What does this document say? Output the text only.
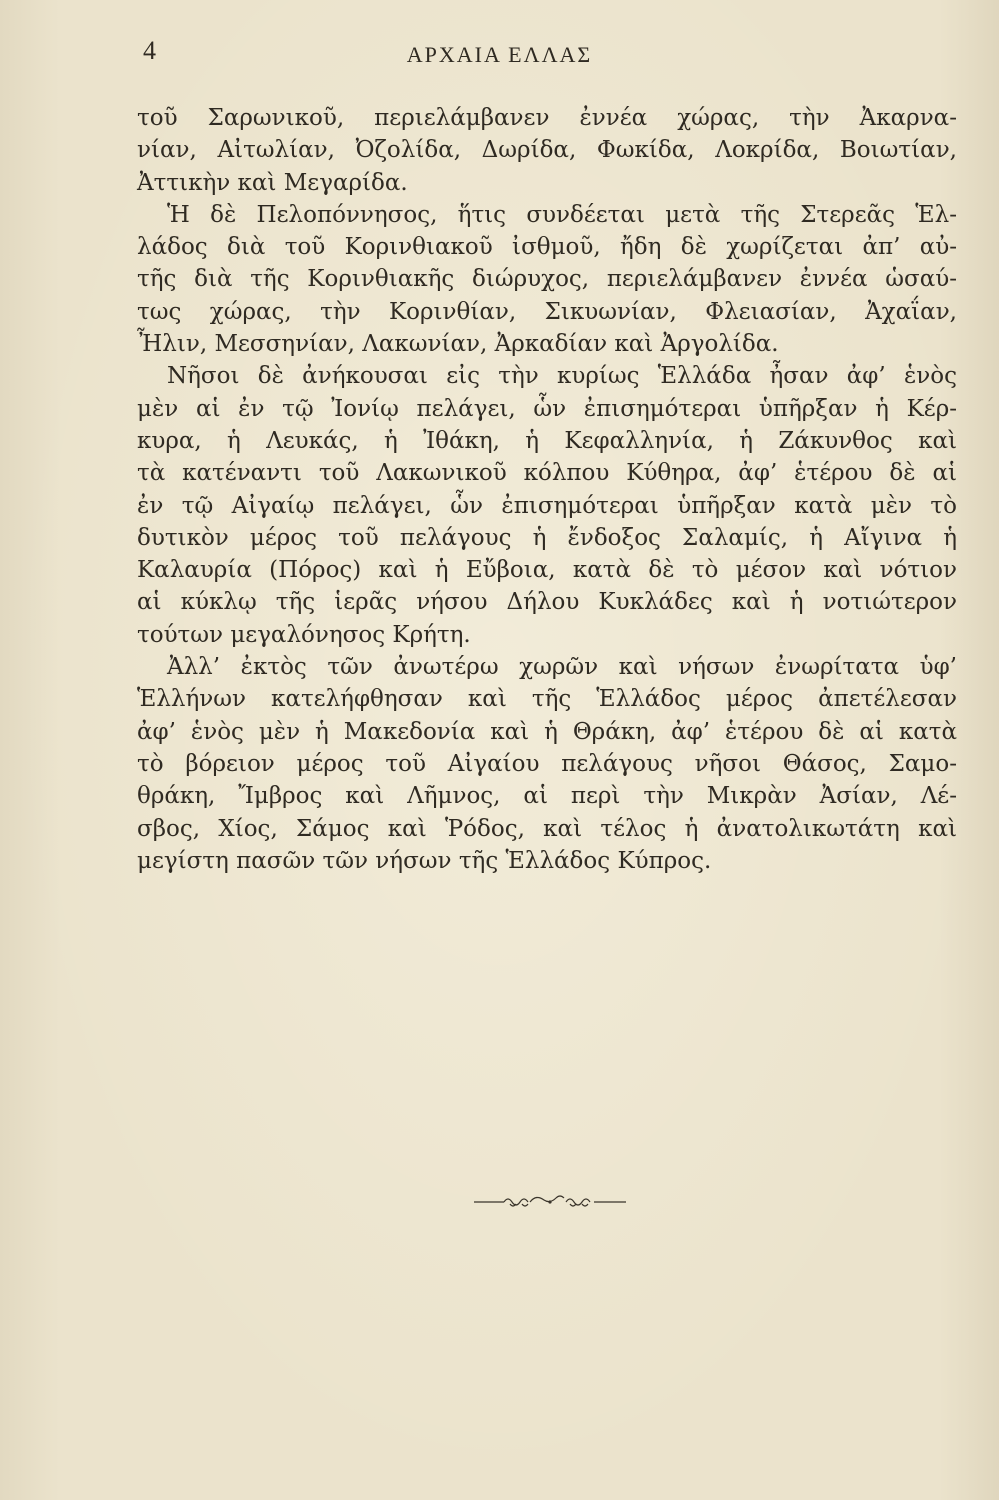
4	ΑΡΧΑΙΑ ΕΛΛΑΣ
τοῦ Σαρωνικοῦ, περιελάμβανεν ἐννέα χώρας, τὴν Ἀκαρνα-
νίαν, Αἰτωλίαν, Ὀζολίδα, Δωρίδα, Φωκίδα, Λοκρίδα, Βοιωτίαν,
Ἀττικὴν καὶ Μεγαρίδα.
Ἡ δὲ Πελοπόννησος, ἥτις συνδέεται μετὰ τῆς Στερεᾶς Ἑλ-
λάδος διὰ τοῦ Κορινθιακοῦ ἰσθμοῦ, ἤδη δὲ χωρίζεται ἀπ’ αὐ-
τῆς διὰ τῆς Κορινθιακῆς διώρυχος, περιελάμβανεν ἐννέα ὡσαύ-
τως χώρας, τὴν Κορινθίαν, Σικυωνίαν, Φλειασίαν, Ἀχαΐαν,
Ἦλιν, Μεσσηνίαν, Λακωνίαν, Ἀρκαδίαν καὶ Ἀργολίδα.
Νῆσοι δὲ ἀνήκουσαι εἰς τὴν κυρίως Ἑλλάδα ἦσαν ἀφ’ ἑνὸς
μὲν αἱ ἐν τῷ Ἰονίῳ πελάγει, ὧν ἐπισημότεραι ὑπῆρξαν ἡ Κέρ-
κυρα, ἡ Λευκάς, ἡ Ἰθάκη, ἡ Κεφαλληνία, ἡ Ζάκυνθος καὶ
τὰ κατέναντι τοῦ Λακωνικοῦ κόλπου Κύθηρα, ἀφ’ ἑτέρου δὲ αἱ
ἐν τῷ Αἰγαίῳ πελάγει, ὧν ἐπισημότεραι ὑπῆρξαν κατὰ μὲν τὸ
δυτικὸν μέρος τοῦ πελάγους ἡ ἔνδοξος Σαλαμίς, ἡ Αἴγινα ἡ
Καλαυρία (Πόρος) καὶ ἡ Εὔβοια, κατὰ δὲ τὸ μέσον καὶ νότιον
αἱ κύκλῳ τῆς ἱερᾶς νήσου Δήλου Κυκλάδες καὶ ἡ νοτιώτερον
τούτων μεγαλόνησος Κρήτη.
Ἀλλ’ ἐκτὸς τῶν ἀνωτέρω χωρῶν καὶ νήσων ἐνωρίτατα ὑφ’
Ἑλλήνων κατελήφθησαν καὶ τῆς Ἑλλάδος μέρος ἀπετέλεσαν
ἀφ’ ἑνὸς μὲν ἡ Μακεδονία καὶ ἡ Θράκη, ἀφ’ ἑτέρου δὲ αἱ κατὰ
τὸ βόρειον μέρος τοῦ Αἰγαίου πελάγους νῆσοι Θάσος, Σαμο-
θράκη, Ἴμβρος καὶ Λῆμνος, αἱ περὶ τὴν Μικρὰν Ἀσίαν, Λέ-
σβος, Χίος, Σάμος καὶ Ῥόδος, καὶ τέλος ἡ ἀνατολικωτάτη καὶ
μεγίστη πασῶν τῶν νήσων τῆς Ἑλλάδος Κύπρος.
